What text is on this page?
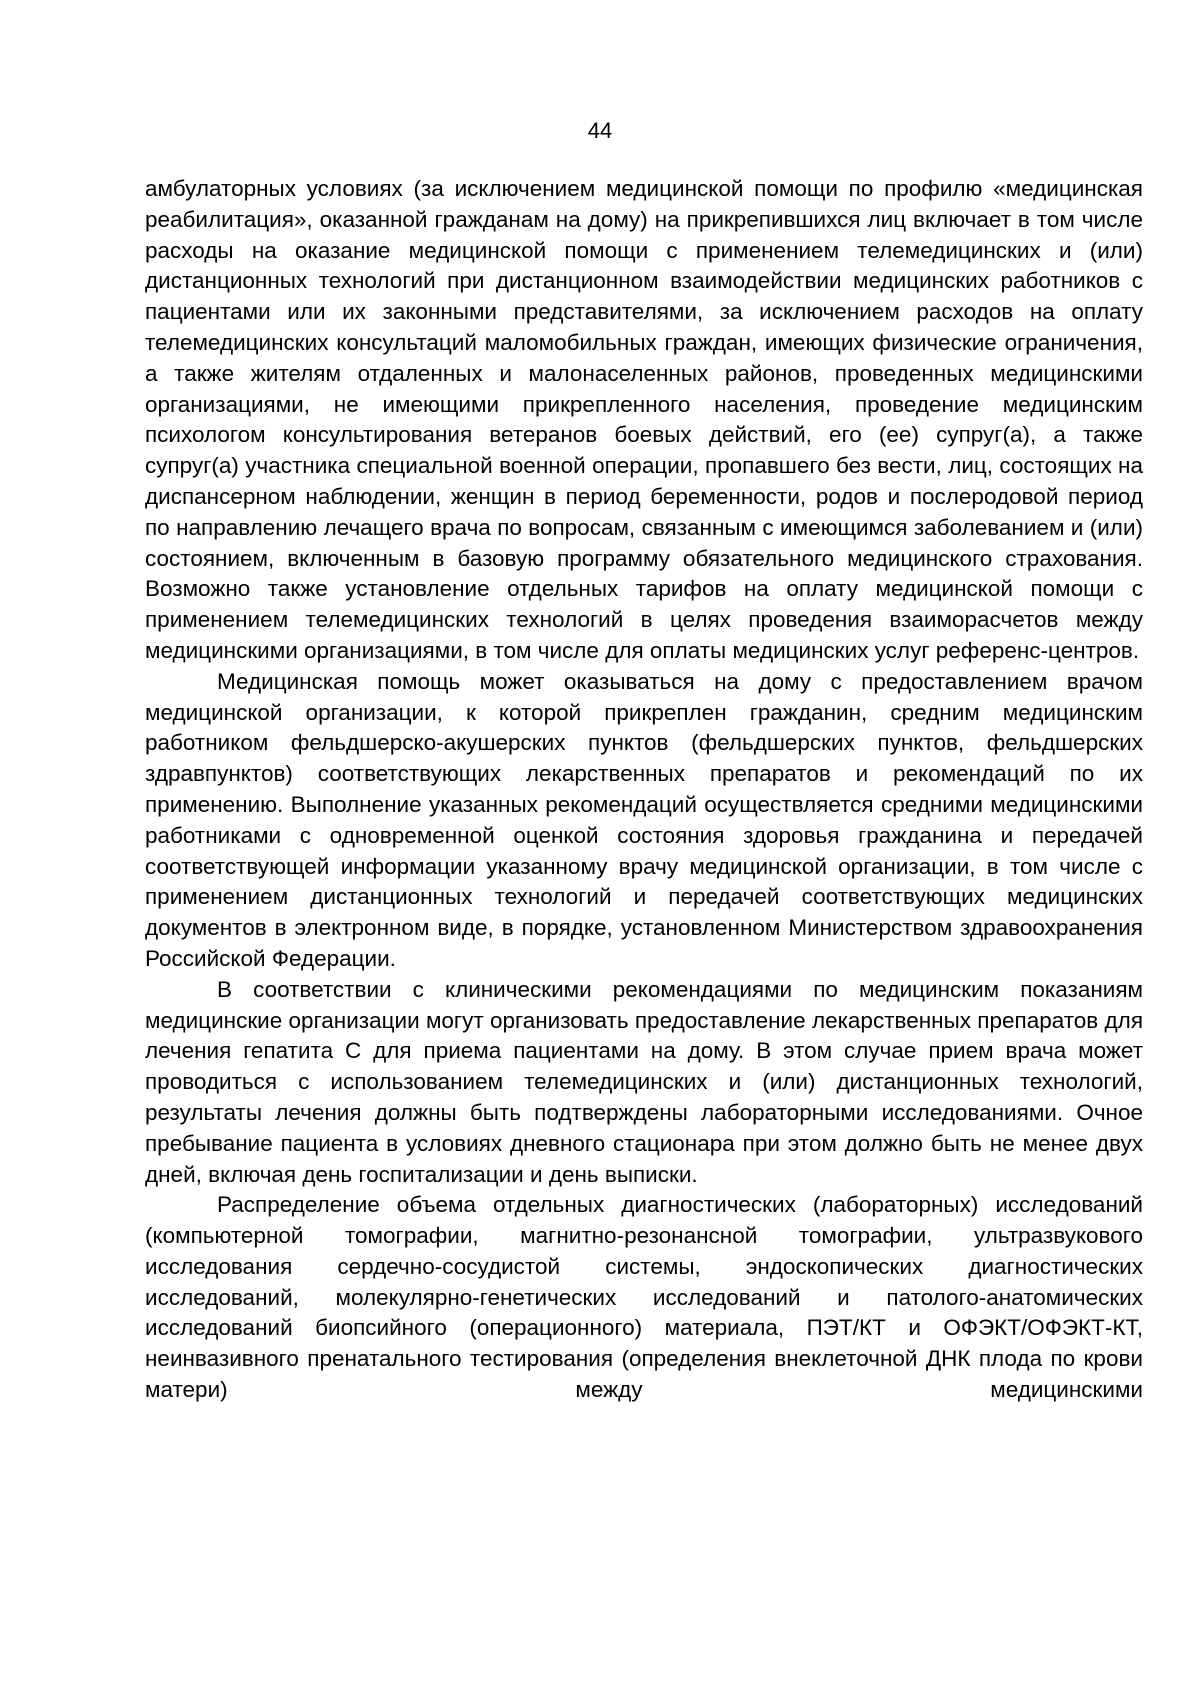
44

амбулаторных условиях (за исключением медицинской помощи по профилю «медицинская реабилитация», оказанной гражданам на дому) на прикрепившихся лиц включает в том числе расходы на оказание медицинской помощи с применением телемедицинских и (или) дистанционных технологий при дистанционном взаимодействии медицинских работников с пациентами или их законными представителями, за исключением расходов на оплату телемедицинских консультаций маломобильных граждан, имеющих физические ограничения, а также жителям отдаленных и малонаселенных районов, проведенных медицинскими организациями, не имеющими прикрепленного населения, проведение медицинским психологом консультирования ветеранов боевых действий, его (ее) супруг(а), а также супруг(а) участника специальной военной операции, пропавшего без вести, лиц, состоящих на диспансерном наблюдении, женщин в период беременности, родов и послеродовой период по направлению лечащего врача по вопросам, связанным с имеющимся заболеванием и (или) состоянием, включенным в базовую программу обязательного медицинского страхования. Возможно также установление отдельных тарифов на оплату медицинской помощи с применением телемедицинских технологий в целях проведения взаиморасчетов между медицинскими организациями, в том числе для оплаты медицинских услуг референс-центров.

Медицинская помощь может оказываться на дому с предоставлением врачом медицинской организации, к которой прикреплен гражданин, средним медицинским работником фельдшерско-акушерских пунктов (фельдшерских пунктов, фельдшерских здравпунктов) соответствующих лекарственных препаратов и рекомендаций по их применению. Выполнение указанных рекомендаций осуществляется средними медицинскими работниками с одновременной оценкой состояния здоровья гражданина и передачей соответствующей информации указанному врачу медицинской организации, в том числе с применением дистанционных технологий и передачей соответствующих медицинских документов в электронном виде, в порядке, установленном Министерством здравоохранения Российской Федерации.

В соответствии с клиническими рекомендациями по медицинским показаниям медицинские организации могут организовать предоставление лекарственных препаратов для лечения гепатита С для приема пациентами на дому. В этом случае прием врача может проводиться с использованием телемедицинских и (или) дистанционных технологий, результаты лечения должны быть подтверждены лабораторными исследованиями. Очное пребывание пациента в условиях дневного стационара при этом должно быть не менее двух дней, включая день госпитализации и день выписки.

Распределение объема отдельных диагностических (лабораторных) исследований (компьютерной томографии, магнитно-резонансной томографии, ультразвукового исследования сердечно-сосудистой системы, эндоскопических диагностических исследований, молекулярно-генетических исследований и патолого-анатомических исследований биопсийного (операционного) материала, ПЭТ/КТ и ОФЭКТ/ОФЭКТ-КТ, неинвазивного пренатального тестирования (определения внеклеточной ДНК плода по крови матери) между медицинскими
